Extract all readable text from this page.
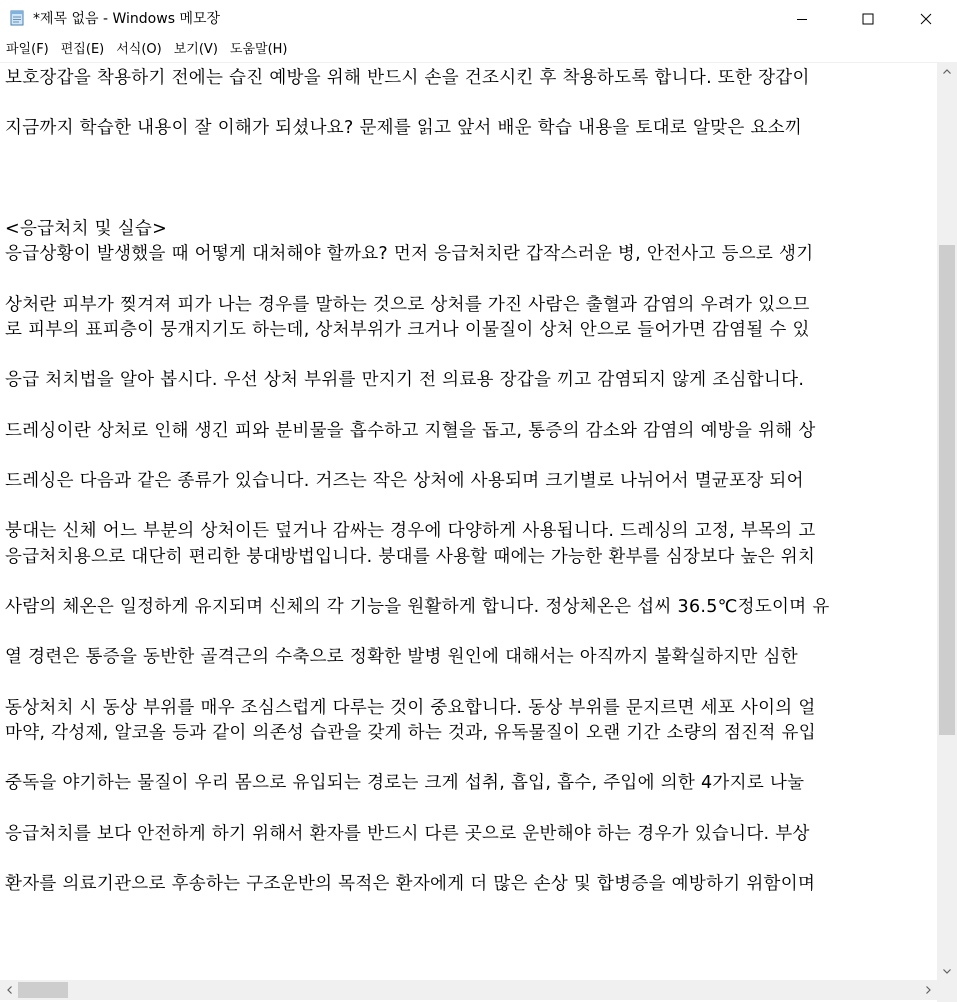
*제목 없음 - Windows 메모장
파일(F) 편집(E) 서식(O) 보기(V) 도움말(H)
보호장갑을 착용하기 전에는 습진 예방을 위해 반드시 손을 건조시킨 후 착용하도록 합니다. 또한 장갑이
지금까지 학습한 내용이 잘 이해가 되셨나요? 문제를 읽고 앞서 배운 학습 내용을 토대로 알맞은 요소끼
<응급처치 및 실습>
응급상황이 발생했을 때 어떻게 대처해야 할까요? 먼저 응급처치란 갑작스러운 병, 안전사고 등으로 생기
상처란 피부가 찢겨져 피가 나는 경우를 말하는 것으로 상처를 가진 사람은 출혈과 감염의 우려가 있으므
로 피부의 표피층이 뭉개지기도 하는데, 상처부위가 크거나 이물질이 상처 안으로 들어가면 감염될 수 있
응급 처치법을 알아 봅시다. 우선 상처 부위를 만지기 전 의료용 장갑을 끼고 감염되지 않게 조심합니다.
드레싱이란 상처로 인해 생긴 피와 분비물을 흡수하고 지혈을 돕고, 통증의 감소와 감염의 예방을 위해 상
드레싱은 다음과 같은 종류가 있습니다. 거즈는 작은 상처에 사용되며 크기별로 나뉘어서 멸균포장 되어
붕대는 신체 어느 부분의 상처이든 덮거나 감싸는 경우에 다양하게 사용됩니다. 드레싱의 고정, 부목의 고
응급처치용으로 대단히 편리한 붕대방법입니다. 붕대를 사용할 때에는 가능한 환부를 심장보다 높은 위치
사람의 체온은 일정하게 유지되며 신체의 각 기능을 원활하게 합니다. 정상체온은 섭씨 36.5℃정도이며 유
열 경련은 통증을 동반한 골격근의 수축으로 정확한 발병 원인에 대해서는 아직까지 불확실하지만 심한
동상처치 시 동상 부위를 매우 조심스럽게 다루는 것이 중요합니다. 동상 부위를 문지르면 세포 사이의 얼
마약, 각성제, 알코올 등과 같이 의존성 습관을 갖게 하는 것과, 유독물질이 오랜 기간 소량의 점진적 유입
중독을 야기하는 물질이 우리 몸으로 유입되는 경로는 크게 섭취, 흡입, 흡수, 주입에 의한 4가지로 나눌
응급처치를 보다 안전하게 하기 위해서 환자를 반드시 다른 곳으로 운반해야 하는 경우가 있습니다. 부상
환자를 의료기관으로 후송하는 구조운반의 목적은 환자에게 더 많은 손상 및 합병증을 예방하기 위함이며
